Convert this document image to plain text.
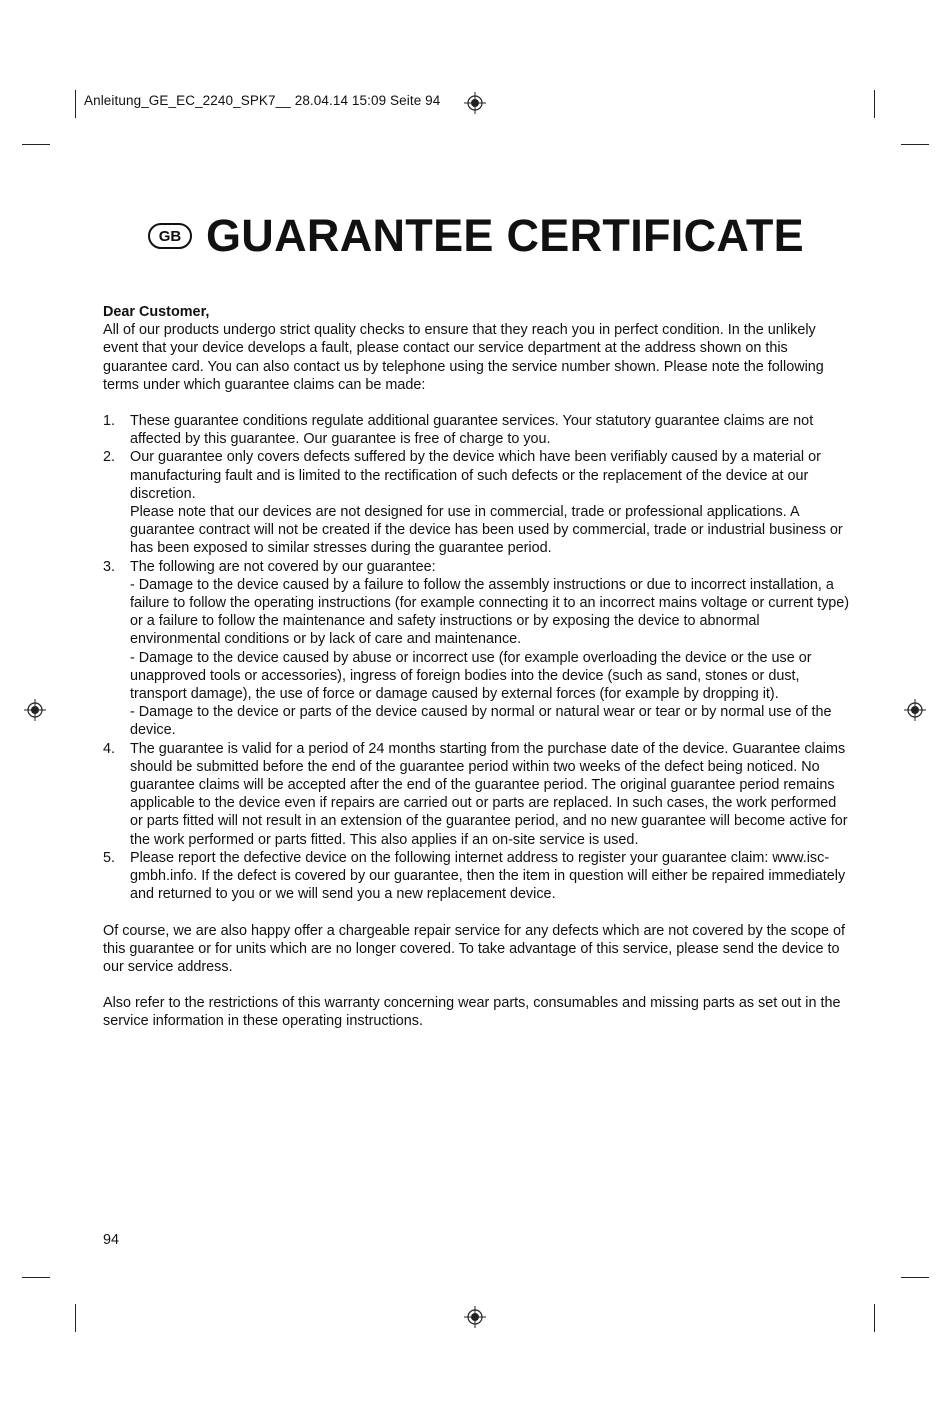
Anleitung_GE_EC_2240_SPK7__ 28.04.14 15:09 Seite 94
GB GUARANTEE CERTIFICATE

Dear Customer,

All of our products undergo strict quality checks to ensure that they reach you in perfect condition. In the unlikely event that your device develops a fault, please contact our service department at the address shown on this guarantee card. You can also contact us by telephone using the service number shown. Please note the following terms under which guarantee claims can be made:

1.	These guarantee conditions regulate additional guarantee services. Your statutory guarantee claims are not affected by this guarantee. Our guarantee is free of charge to you.

2.	Our guarantee only covers defects suffered by the device which have been verifiably caused by a material or manufacturing fault and is limited to the rectification of such defects or the replacement of the device at our discretion.

Please note that our devices are not designed for use in commercial, trade or professional applications. A guarantee contract will not be created if the device has been used by commercial, trade or industrial business or has been exposed to similar stresses during the guarantee period.

3.	The following are not covered by our guarantee:

- Damage to the device caused by a failure to follow the assembly instructions or due to incorrect installation, a failure to follow the operating instructions (for example connecting it to an incorrect mains voltage or current type) or a failure to follow the maintenance and safety instructions or by exposing the device to abnormal environmental conditions or by lack of care and maintenance.

- Damage to the device caused by abuse or incorrect use (for example overloading the device or the use or unapproved tools or accessories), ingress of foreign bodies into the device (such as sand, stones or dust, transport damage), the use of force or damage caused by external forces (for example by dropping it).

- Damage to the device or parts of the device caused by normal or natural wear or tear or by normal use of the device.

4.	The guarantee is valid for a period of 24 months starting from the purchase date of the device. Guarantee claims should be submitted before the end of the guarantee period within two weeks of the defect being noticed. No guarantee claims will be accepted after the end of the guarantee period. The original guarantee period remains applicable to the device even if repairs are carried out or parts are replaced. In such cases, the work performed or parts fitted will not result in an extension of the guarantee period, and no new guarantee will become active for the work performed or parts fitted. This also applies if an on-site service is used.

5.	Please report the defective device on the following internet address to register your guarantee claim: www.isc-gmbh.info. If the defect is covered by our guarantee, then the item in question will either be repaired immediately and returned to you or we will send you a new replacement device.

Of course, we are also happy offer a chargeable repair service for any defects which are not covered by the scope of this guarantee or for units which are no longer covered. To take advantage of this service, please send the device to our service address.

Also refer to the restrictions of this warranty concerning wear parts, consumables and missing parts as set out in the service information in these operating instructions.

94
